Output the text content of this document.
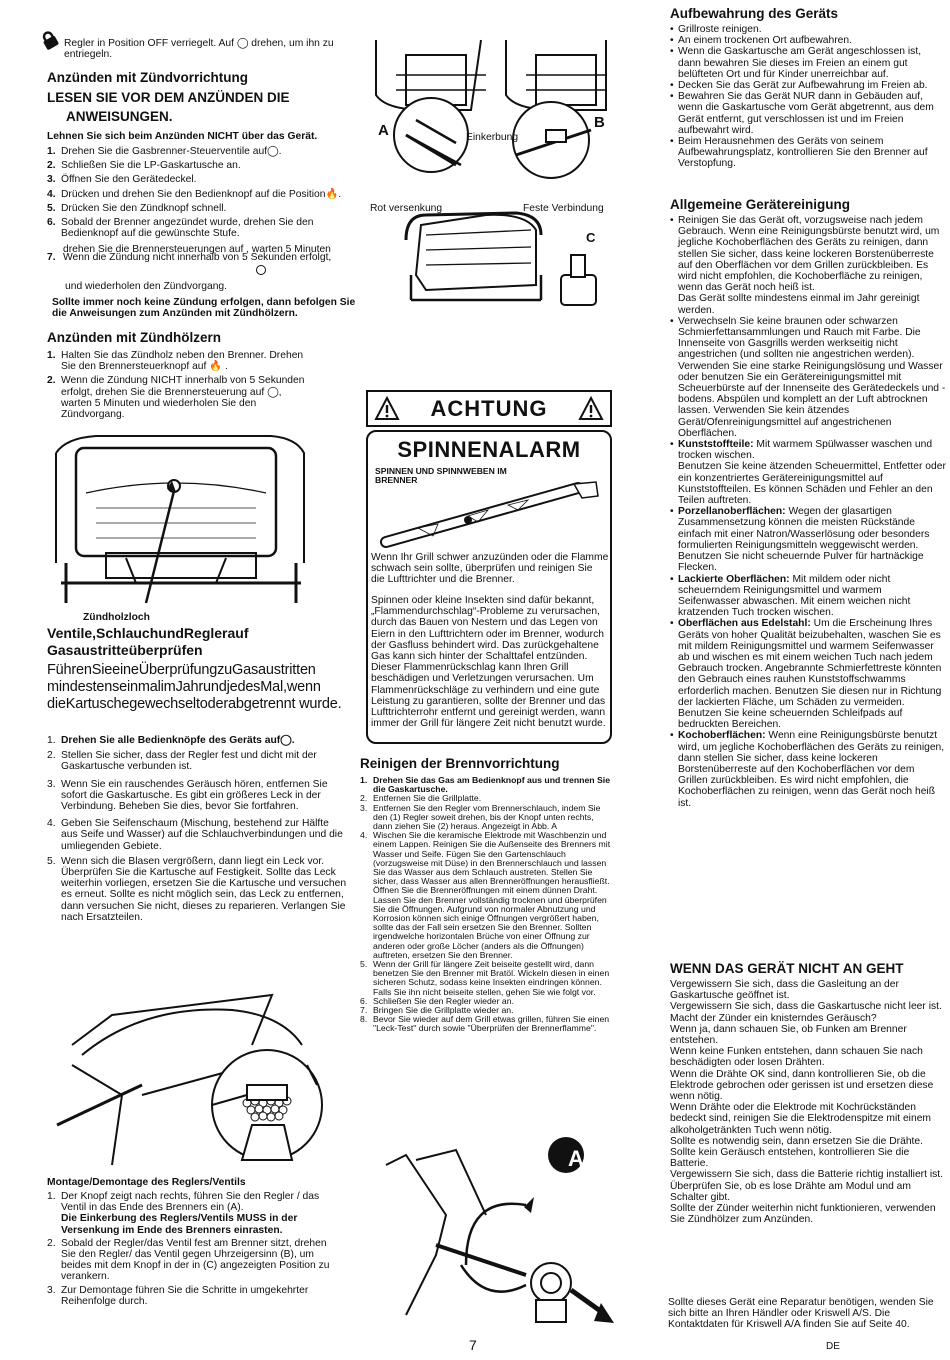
Regler in Position OFF verriegelt. Auf ◯ drehen, um ihn zu entriegeln.
Anzünden mit Zündvorrichtung
LESEN SIE VOR DEM ANZÜNDEN DIE
ANWEISUNGEN.
Lehnen Sie sich beim Anzünden NICHT über das Gerät.
1. Drehen Sie die Gasbrenner-Steuerventile auf◯.
2. Schließen Sie die LP-Gaskartusche an.
3. Öffnen Sie den Gerätedeckel.
4. Drücken und drehen Sie den Bedienknopf auf die Position🔥.
5. Drücken Sie den Zündknopf schnell.
6. Sobald der Brenner angezündet wurde, drehen Sie den Bedienknopf auf die gewünschte Stufe.
drehen Sie die Brennersteuerungen auf , warten 5 Minuten
7. Wenn die Zündung nicht innerhalb von 5 Sekunden erfolgt,
und wiederholen den Zündvorgang.
Sollte immer noch keine Zündung erfolgen, dann befolgen Sie die Anweisungen zum Anzünden mit Zündhölzern.
Anzünden mit Zündhölzern
1. Halten Sie das Zündholz neben den Brenner. Drehen Sie den Brennersteuerknopf auf 🔥 .
2. Wenn die Zündung NICHT innerhalb von 5 Sekunden erfolgt, drehen Sie die Brennersteuerung auf ◯, warten 5 Minuten und wiederholen Sie den Zündvorgang.
Zündholzloch
Ventile,SchlauchundReglerauf
Gasaustritteüberprüfen
FührenSieeineÜberprüfungzuGasaustritten mindestenseinmalimJahrundjedesMal,wenn dieKartuschegewechseltoderabgetrennt wurde.
1. Drehen Sie alle Bedienknöpfe des Geräts auf◯.
2. Stellen Sie sicher, dass der Regler fest und dicht mit der Gaskartusche verbunden ist.
3. Wenn Sie ein rauschendes Geräusch hören, entfernen Sie sofort die Gaskartusche. Es gibt ein größeres Leck in der Verbindung. Beheben Sie dies, bevor Sie fortfahren.
4. Geben Sie Seifenschaum (Mischung, bestehend zur Hälfte aus Seife und Wasser) auf die Schlauchverbindungen und die umliegenden Gebiete.
5. Wenn sich die Blasen vergrößern, dann liegt ein Leck vor. Überprüfen Sie die Kartusche auf Festigkeit. Sollte das Leck weiterhin vorliegen, ersetzen Sie die Kartusche und versuchen es erneut. Sollte es nicht möglich sein, das Leck zu entfernen, dann versuchen Sie nicht, dieses zu reparieren. Verlangen Sie nach Ersatzteilen.
Montage/Demontage des Reglers/Ventils
1. Der Knopf zeigt nach rechts, führen Sie den Regler / das Ventil in das Ende des Brenners ein (A).
Die Einkerbung des Reglers/Ventils MUSS in der Versenkung im Ende des Brenners einrasten.
2. Sobald der Regler/das Ventil fest am Brenner sitzt, drehen Sie den Regler/ das Ventil gegen Uhrzeigersinn (B), um beides mit dem Knopf in der in (C) angezeigten Position zu verankern.
3. Zur Demontage führen Sie die Schritte in umgekehrter Reihenfolge durch.
A	B
C
Einkerbung
Rot versenkung	Feste Verbindung
ACHTUNG
SPINNENALARM
SPINNEN UND SPINNWEBEN IM BRENNER
Wenn Ihr Grill schwer anzuzünden oder die Flamme schwach sein sollte, überprüfen und reinigen Sie die Lufttrichter und die Brenner.
Spinnen oder kleine Insekten sind dafür bekannt, „Flammendurchschlag“-Probleme zu verursachen, durch das Bauen von Nestern und das Legen von Eiern in den Lufttrichtern oder im Brenner, wodurch der Gasfluss behindert wird. Das zurückgehaltene Gas kann sich hinter der Schalttafel entzünden. Dieser Flammenrückschlag kann Ihren Grill beschädigen und Verletzungen verursachen. Um Flammenrückschläge zu verhindern und eine gute Leistung zu garantieren, sollte der Brenner und das Lufttrichterrohr entfernt und gereinigt werden, wann immer der Grill für längere Zeit nicht benutzt wurde.
Reinigen der Brennvorrichtung
1. Drehen Sie das Gas am Bedienknopf aus und trennen Sie die Gaskartusche.
2. Entfernen Sie die Grillplatte.
3. Entfernen Sie den Regler vom Brennerschlauch, indem Sie den (1) Regler soweit drehen, bis der Knopf unten rechts, dann ziehen Sie (2) heraus. Angezeigt in Abb. A
4. Wischen Sie die keramische Elektrode mit Waschbenzin und einem Lappen. Reinigen Sie die Außenseite des Brenners mit Wasser und Seife. Fügen Sie den Gartenschlauch (vorzugsweise mit Düse) in den Brennerschlauch und lassen Sie das Wasser aus dem Schlauch austreten. Stellen Sie sicher, dass Wasser aus allen Brenneröffnungen herausfließt. Öffnen Sie die Brenneröffnungen mit einem dünnen Draht. Lassen Sie den Brenner vollständig trocknen und überprüfen Sie die Öffnungen. Aufgrund von normaler Abnutzung und Korrosion können sich einige Öffnungen vergrößert haben, sollte das der Fall sein ersetzen Sie den Brenner. Sollten irgendwelche horizontalen Brüche von einer Öffnung zur anderen oder große Löcher (anders als die Öffnungen) auftreten, ersetzen Sie den Brenner.
5. Wenn der Grill für längere Zeit beiseite gestellt wird, dann benetzen Sie den Brenner mit Bratöl. Wickeln diesen in einen sicheren Schutz, sodass keine Insekten eindringen können. Falls Sie ihn nicht beiseite stellen, gehen Sie wie folgt vor.
6. Schließen Sie den Regler wieder an.
7. Bringen Sie die Grillplatte wieder an.
8. Bevor Sie wieder auf dem Grill etwas grillen, führen Sie einen "Leck-Test" durch sowie "Überprüfen der Brennerflamme".
A
7
Aufbewahrung des Geräts
• Grillroste reinigen.
• An einem trockenen Ort aufbewahren.
• Wenn die Gaskartusche am Gerät angeschlossen ist, dann bewahren Sie dieses im Freien an einem gut belüfteten Ort und für Kinder unerreichbar auf.
• Decken Sie das Gerät zur Aufbewahrung im Freien ab.
• Bewahren Sie das Gerät NUR dann in Gebäuden auf, wenn die Gaskartusche vom Gerät abgetrennt, aus dem Gerät entfernt, gut verschlossen ist und im Freien aufbewahrt wird.
• Beim Herausnehmen des Geräts von seinem Aufbewahrungsplatz, kontrollieren Sie den Brenner auf Verstopfung.
Allgemeine Gerätereinigung
• Reinigen Sie das Gerät oft, vorzugsweise nach jedem Gebrauch. Wenn eine Reinigungsbürste benutzt wird, um jegliche Kochoberflächen des Geräts zu reinigen, dann stellen Sie sicher, dass keine lockeren Borstenüberreste auf den Oberflächen vor dem Grillen zurückbleiben. Es wird nicht empfohlen, die Kochoberfläche zu reinigen, wenn das Gerät noch heiß ist.
Das Gerät sollte mindestens einmal im Jahr gereinigt werden.
• Verwechseln Sie keine braunen oder schwarzen Schmierfettansammlungen und Rauch mit Farbe. Die Innenseite von Gasgrills werden werkseitig nicht angestrichen (und sollten nie angestrichen werden). Verwenden Sie eine starke Reinigungslösung und Wasser oder benutzen Sie ein Gerätereinigungsmittel mit Scheuerbürste auf der Innenseite des Gerätedeckels und -bodens. Abspülen und komplett an der Luft abtrocknen lassen. Verwenden Sie kein ätzendes Gerät/Ofenreinigungsmittel auf angestrichenen Oberflächen.
• Kunststoffteile: Mit warmem Spülwasser waschen und trocken wischen.
Benutzen Sie keine ätzenden Scheuermittel, Entfetter oder ein konzentriertes Gerätereinigungsmittel auf Kunststoffteilen. Es können Schäden und Fehler an den Teilen auftreten.
• Porzellanoberflächen: Wegen der glasartigen Zusammensetzung können die meisten Rückstände einfach mit einer Natron/Wasserlösung oder besonders formulierten Reinigungsmitteln weggewischt werden. Benutzen Sie nicht scheuernde Pulver für hartnäckige Flecken.
• Lackierte Oberflächen: Mit mildem oder nicht scheuerndem Reinigungsmittel und warmem Seifenwasser abwaschen. Mit einem weichen nicht kratzenden Tuch trocken wischen.
• Oberflächen aus Edelstahl: Um die Erscheinung Ihres Geräts von hoher Qualität beizubehalten, waschen Sie es mit mildem Reinigungsmittel und warmem Seifenwasser ab und wischen es mit einem weichen Tuch nach jedem Gebrauch trocken. Angebrannte Schmierfettreste könnten den Gebrauch eines rauhen Kunststoffschwamms erforderlich machen. Benutzen Sie diesen nur in Richtung der lackierten Fläche, um Schäden zu vermeiden. Benutzen Sie keine scheuernden Schleifpads auf bedruckten Bereichen.
• Kochoberflächen: Wenn eine Reinigungsbürste benutzt wird, um jegliche Kochoberflächen des Geräts zu reinigen, dann stellen Sie sicher, dass keine lockeren Borstenüberreste auf den Kochoberflächen vor dem Grillen zurückbleiben. Es wird nicht empfohlen, die Kochoberflächen zu reinigen, wenn das Gerät noch heiß ist.
WENN DAS GERÄT NICHT AN GEHT
Vergewissern Sie sich, dass die Gasleitung an der Gaskartusche geöffnet ist.
Vergewissern Sie sich, dass die Gaskartusche nicht leer ist.
Macht der Zünder ein knisterndes Geräusch?
Wenn ja, dann schauen Sie, ob Funken am Brenner entstehen.
Wenn keine Funken entstehen, dann schauen Sie nach beschädigten oder losen Drähten.
Wenn die Drähte OK sind, dann kontrollieren Sie, ob die Elektrode gebrochen oder gerissen ist und ersetzen diese wenn nötig.
Wenn Drähte oder die Elektrode mit Kochrückständen bedeckt sind, reinigen Sie die Elektrodenspitze mit einem alkoholgetränkten Tuch wenn nötig.
Sollte es notwendig sein, dann ersetzen Sie die Drähte.
Sollte kein Geräusch entstehen, kontrollieren Sie die Batterie.
Vergewissern Sie sich, dass die Batterie richtig installiert ist.
Überprüfen Sie, ob es lose Drähte am Modul und am Schalter gibt.
Sollte der Zünder weiterhin nicht funktionieren, verwenden Sie Zündhölzer zum Anzünden.
Sollte dieses Gerät eine Reparatur benötigen, wenden Sie sich bitte an Ihren Händler oder Kriswell A/S. Die Kontaktdaten für Kriswell A/A finden Sie auf Seite 40.
DE
